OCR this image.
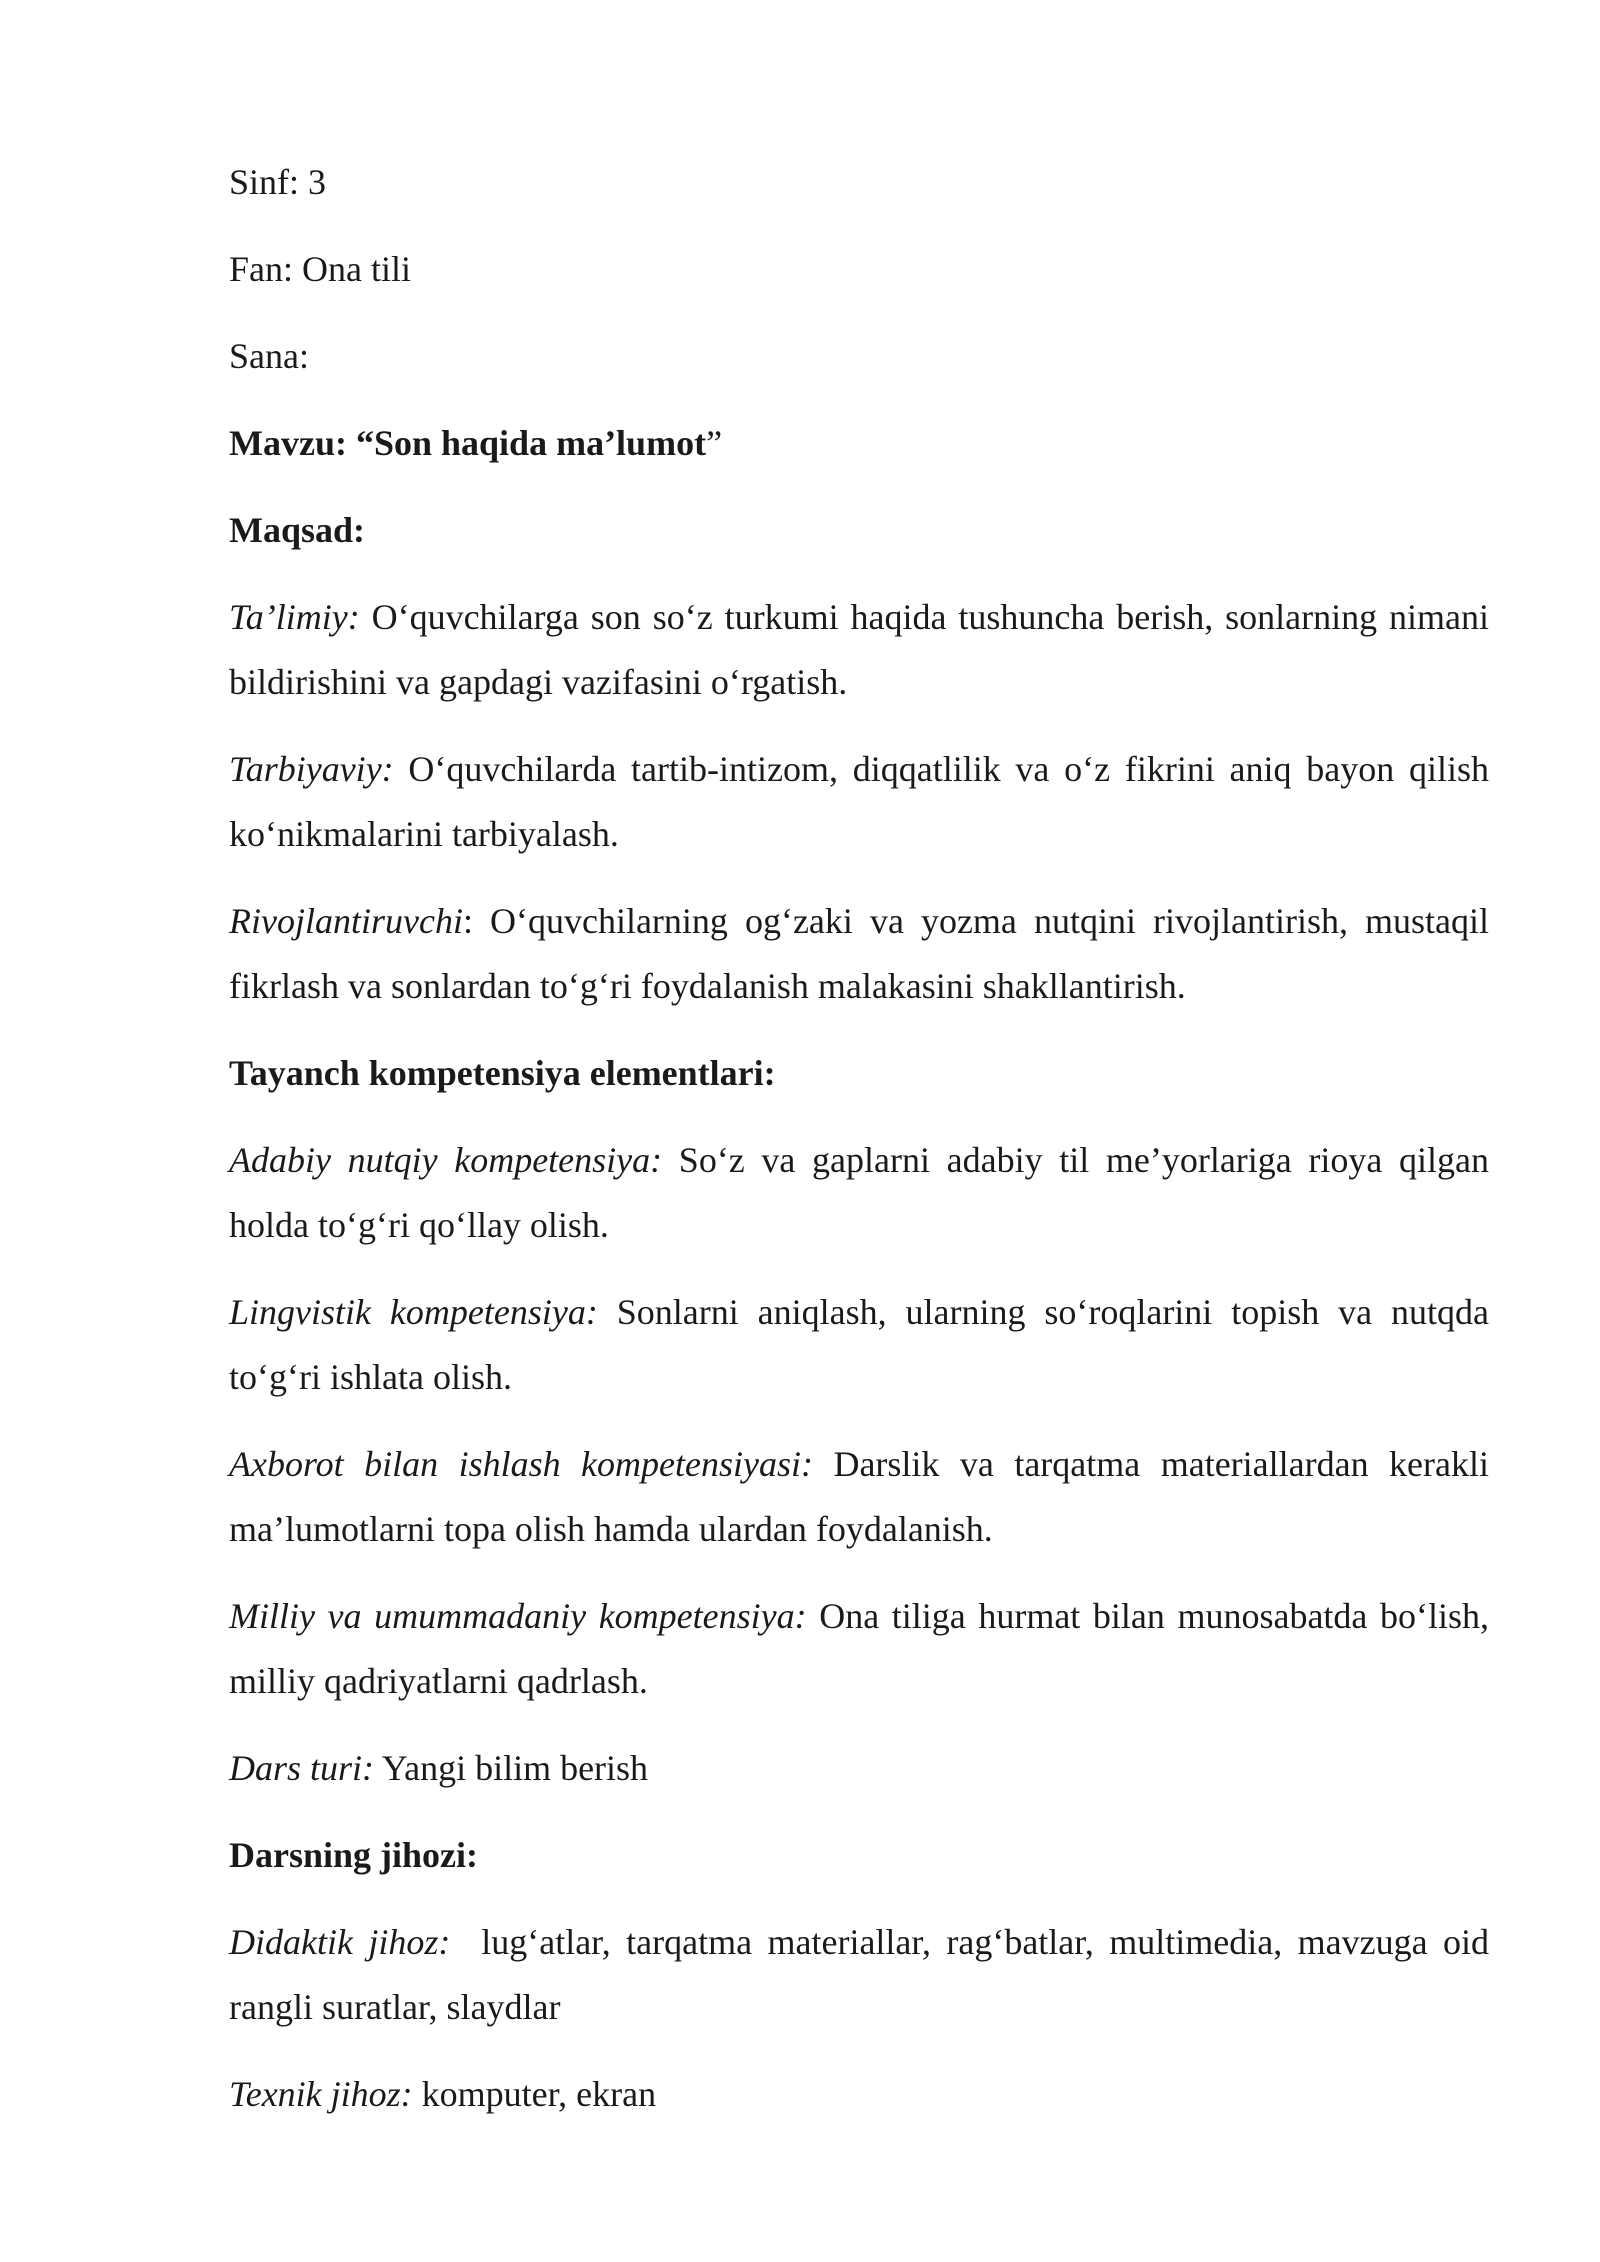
Sinf: 3

Fan: Ona tili

Sana:

Mavzu: “Son haqida ma’lumot”

Maqsad:

Ta’limiy: O‘quvchilarga son so‘z turkumi haqida tushuncha berish, sonlarning nimani bildirishini va gapdagi vazifasini o‘rgatish.

Tarbiyaviy: O‘quvchilarda tartib-intizom, diqqatlilik va o‘z fikrini aniq bayon qilish ko‘nikmalarini tarbiyalash.

Rivojlantiruvchi: O‘quvchilarning og‘zaki va yozma nutqini rivojlantirish, mustaqil fikrlash va sonlardan to‘g‘ri foydalanish malakasini shakllantirish.

Tayanch kompetensiya elementlari:

Adabiy nutqiy kompetensiya: So‘z va gaplarni adabiy til me’yorlariga rioya qilgan holda to‘g‘ri qo‘llay olish.

Lingvistik kompetensiya: Sonlarni aniqlash, ularning so‘roqlarini topish va nutqda to‘g‘ri ishlata olish.

Axborot bilan ishlash kompetensiyasi: Darslik va tarqatma materiallardan kerakli ma’lumotlarni topa olish hamda ulardan foydalanish.

Milliy va umummadaniy kompetensiya: Ona tiliga hurmat bilan munosabatda bo‘lish, milliy qadriyatlarni qadrlash.

Dars turi: Yangi bilim berish

Darsning jihozi:

Didaktik jihoz:  lug‘atlar, tarqatma materiallar, rag‘batlar, multimedia, mavzuga oid rangli suratlar, slaydlar

Texnik jihoz: komputer, ekran
